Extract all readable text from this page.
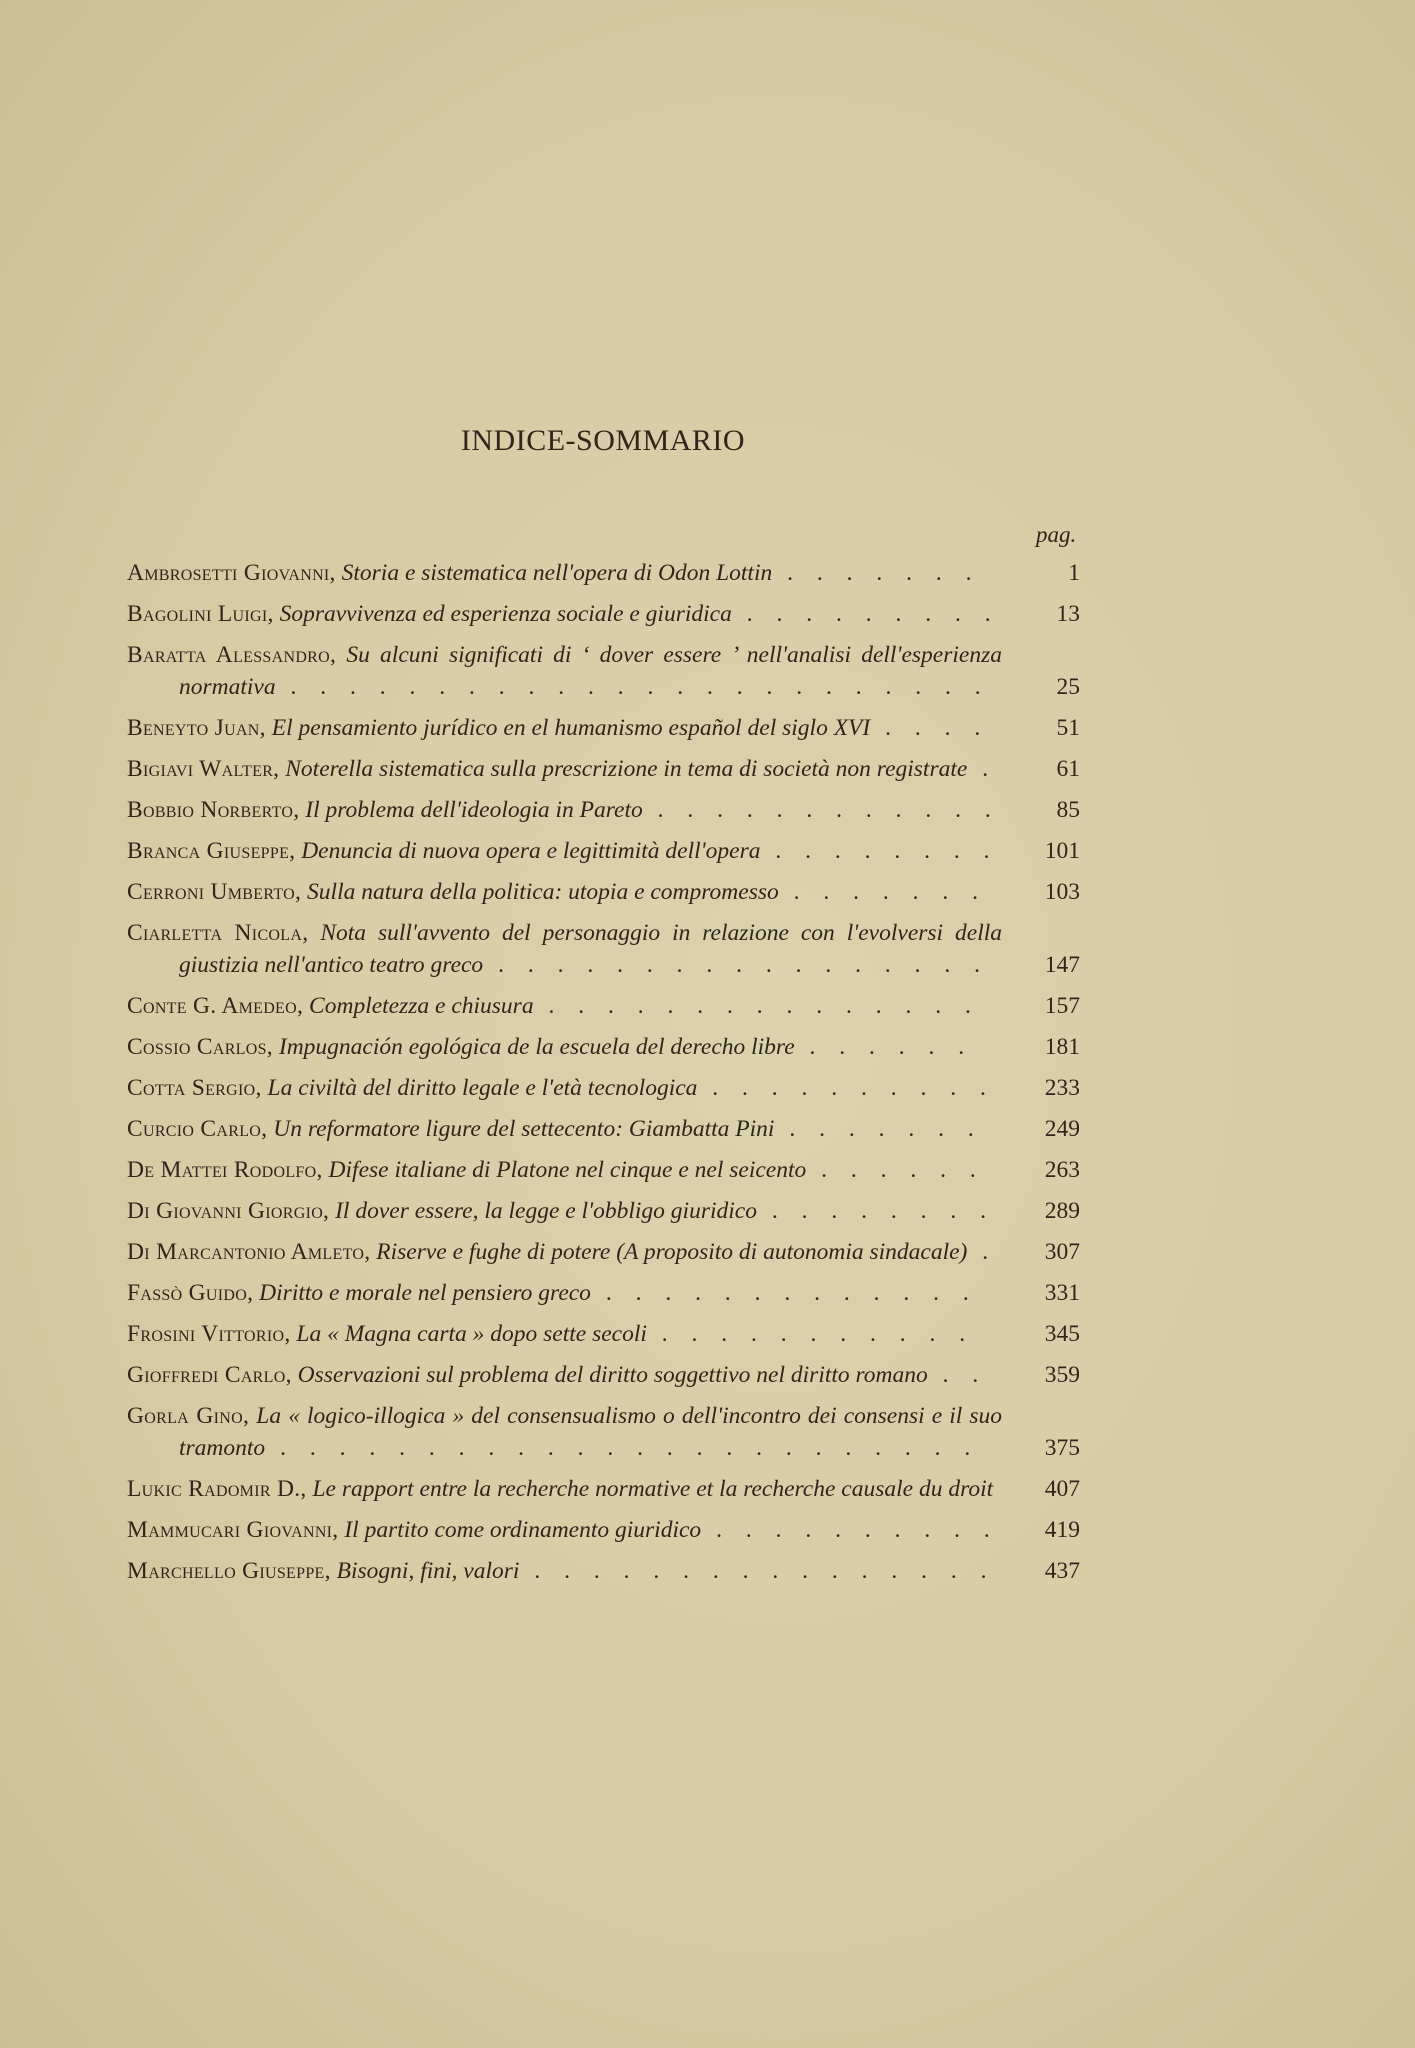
INDICE-SOMMARIO
pag.
Ambrosetti Giovanni, Storia e sistematica nell'opera di Odon Lottin . . . . . . .	1
Bagolini Luigi, Sopravvivenza ed esperienza sociale e giuridica . . . . . . . . . 13
Baratta Alessandro, Su alcuni significati di ‘ dover essere ’ nell'analisi dell'esperienza normativa . . . . . . . . . . . . . . . . . . . . . . . .	25
Beneyto Juan, El pensamiento jurídico en el humanismo español del siglo XVI . . . .	51
Bigiavi Walter, Noterella sistematica sulla prescrizione in tema di società non registrate .	61
Bobbio Norberto, Il problema dell'ideologia in Pareto . . . . . . . . . . . . 85
Branca Giuseppe, Denuncia di nuova opera e legittimità dell'opera . . . . . . . . 101
Cerroni Umberto, Sulla natura della politica: utopia e compromesso . . . . . . .	103
Ciarletta Nicola, Nota sull'avvento del personaggio in relazione con l'evolversi della giustizia nell'antico teatro greco . . . . . . . . . . . . . . . . .	147
Conte G. Amedeo, Completezza e chiusura . . . . . . . . . . . . . . .	157
Cossio Carlos, Impugnación egológica de la escuela del derecho libre . . . . . .	181
Cotta Sergio, La civiltà del diritto legale e l'età tecnologica . . . . . . . . . .	233
Curcio Carlo, Un reformatore ligure del settecento: Giambatta Pini . . . . . . .	249
De Mattei Rodolfo, Difese italiane di Platone nel cinque e nel seicento . . . . . .	263
Di Giovanni Giorgio, Il dover essere, la legge e l'obbligo giuridico . . . . . . . . 289
Di Marcantonio Amleto, Riserve e fughe di potere (A proposito di autonomia sindacale) . 307
Fassò Guido, Diritto e morale nel pensiero greco . . . . . . . . . . . . .	331
Frosini Vittorio, La « Magna carta » dopo sette secoli . . . . . . . . . . .	345
Gioffredi Carlo, Osservazioni sul problema del diritto soggettivo nel diritto romano . .	359
Gorla Gino, La « logico-illogica » del consensualismo o dell'incontro dei consensi e il suo tramonto . . . . . . . . . . . . . . . . . . . . . . . .	375
Lukic Radomir D., Le rapport entre la recherche normative et la recherche causale du droit	407
Mammucari Giovanni, Il partito come ordinamento giuridico . . . . . . . . . . 419
Marchello Giuseppe, Bisogni, fini, valori . . . . . . . . . . . . . . . . 437
